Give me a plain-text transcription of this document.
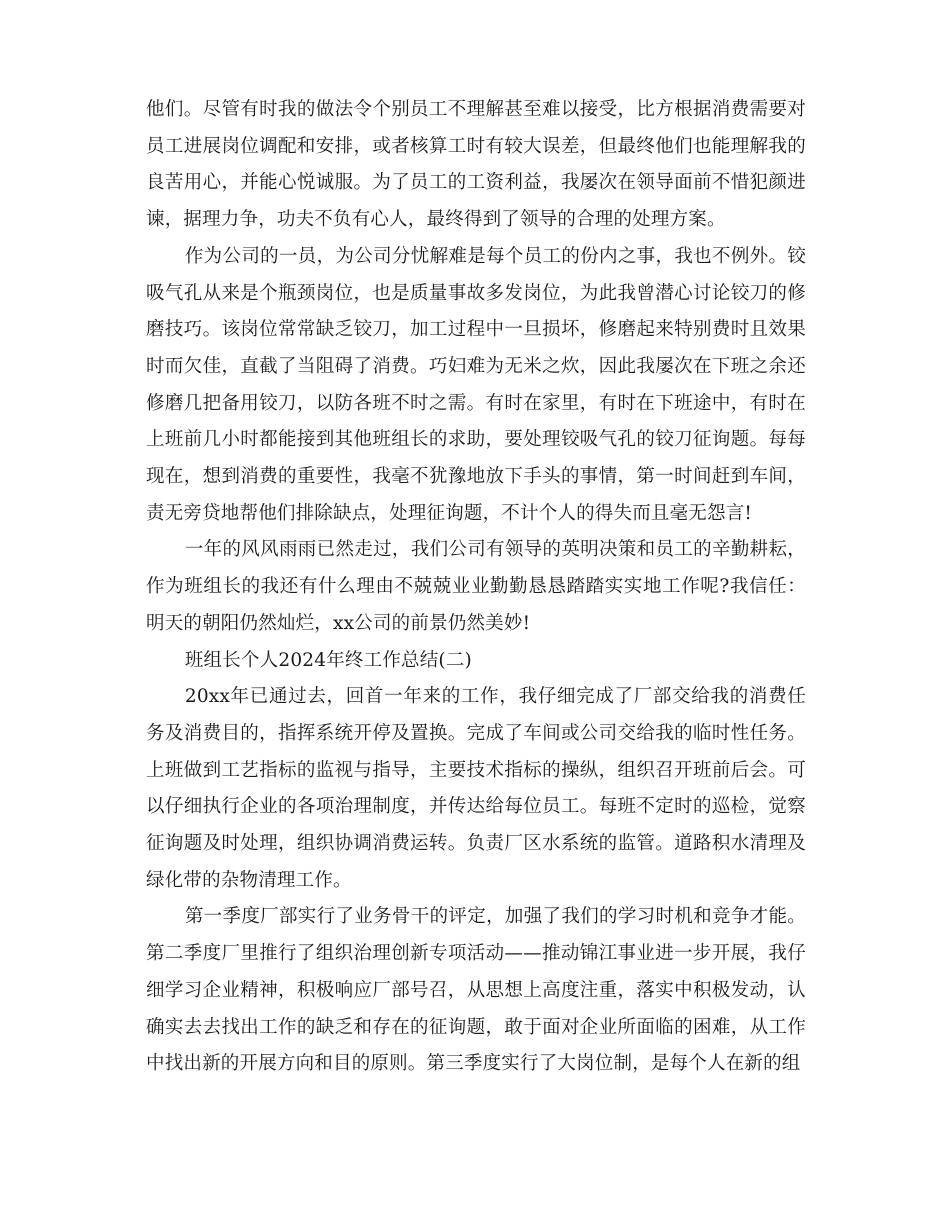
他们。尽管有时我的做法令个别员工不理解甚至难以接受，比方根据消费需要对员工进展岗位调配和安排，或者核算工时有较大误差，但最终他们也能理解我的良苦用心，并能心悦诚服。为了员工的工资利益，我屡次在领导面前不惜犯颜进谏，据理力争，功夫不负有心人，最终得到了领导的合理的处理方案。

作为公司的一员，为公司分忧解难是每个员工的份内之事，我也不例外。铰吸气孔从来是个瓶颈岗位，也是质量事故多发岗位，为此我曾潜心讨论铰刀的修磨技巧。该岗位常常缺乏铰刀，加工过程中一旦损坏，修磨起来特别费时且效果时而欠佳，直截了当阻碍了消费。巧妇难为无米之炊，因此我屡次在下班之余还修磨几把备用铰刀，以防各班不时之需。有时在家里，有时在下班途中，有时在上班前几小时都能接到其他班组长的求助，要处理铰吸气孔的铰刀征询题。每每现在，想到消费的重要性，我毫不犹豫地放下手头的事情，第一时间赶到车间，责无旁贷地帮他们排除缺点，处理征询题，不计个人的得失而且毫无怨言!

一年的风风雨雨已然走过，我们公司有领导的英明决策和员工的辛勤耕耘，作为班组长的我还有什么理由不兢兢业业勤勤恳恳踏踏实实地工作呢?我信任：明天的朝阳仍然灿烂，xx公司的前景仍然美妙!

班组长个人2024年终工作总结(二)

20xx年已通过去，回首一年来的工作，我仔细完成了厂部交给我的消费任务及消费目的，指挥系统开停及置换。完成了车间或公司交给我的临时性任务。上班做到工艺指标的监视与指导，主要技术指标的操纵，组织召开班前后会。可以仔细执行企业的各项治理制度，并传达给每位员工。每班不定时的巡检，觉察征询题及时处理，组织协调消费运转。负责厂区水系统的监管。道路积水清理及绿化带的杂物清理工作。

第一季度厂部实行了业务骨干的评定，加强了我们的学习时机和竞争才能。第二季度厂里推行了组织治理创新专项活动——推动锦江事业进一步开展，我仔细学习企业精神，积极响应厂部号召，从思想上高度注重，落实中积极发动，认确实去去找出工作的缺乏和存在的征询题，敢于面对企业所面临的困难，从工作中找出新的开展方向和目的原则。第三季度实行了大岗位制，是每个人在新的组
